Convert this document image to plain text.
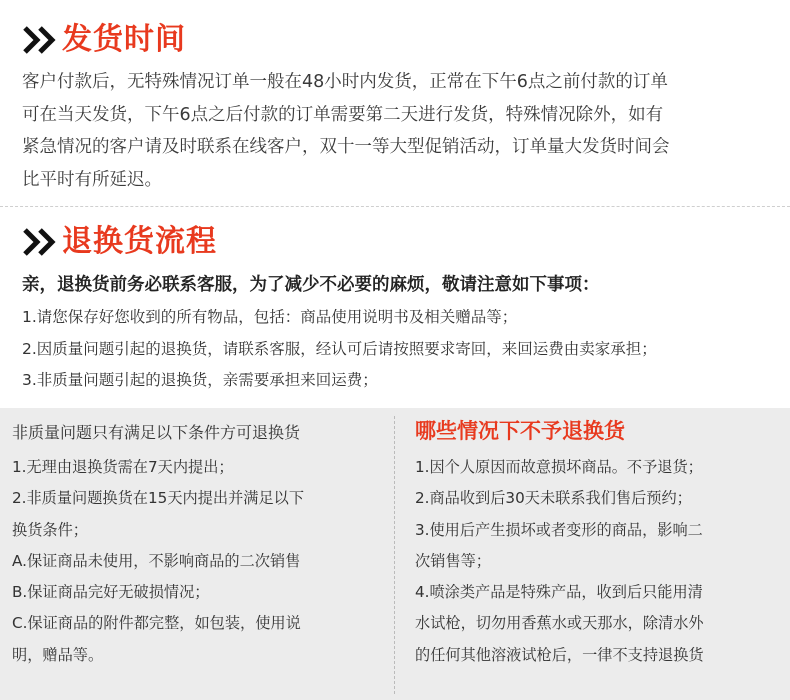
发货时间
客户付款后，无特殊情况订单一般在48小时内发货，正常在下午6点之前付款的订单
可在当天发货，下午6点之后付款的订单需要第二天进行发货，特殊情况除外，如有
紧急情况的客户请及时联系在线客户，双十一等大型促销活动，订单量大发货时间会
比平时有所延迟。
退换货流程
亲，退换货前务必联系客服，为了减少不必要的麻烦，敬请注意如下事项：
1.请您保存好您收到的所有物品，包括：商品使用说明书及相关赠品等；
2.因质量问题引起的退换货，请联系客服，经认可后请按照要求寄回，来回运费由卖家承担；
3.非质量问题引起的退换货，亲需要承担来回运费；
非质量问题只有满足以下条件方可退换货
1.无理由退换货需在7天内提出；
2.非质量问题换货在15天内提出并满足以下
换货条件；
A.保证商品未使用，不影响商品的二次销售
B.保证商品完好无破损情况；
C.保证商品的附件都完整，如包装，使用说
明，赠品等。
哪些情况下不予退换货
1.因个人原因而故意损坏商品。不予退货；
2.商品收到后30天未联系我们售后预约；
3.使用后产生损坏或者变形的商品，影响二
次销售等；
4.喷涂类产品是特殊产品，收到后只能用清
水试枪，切勿用香蕉水或天那水，除清水外
的任何其他溶液试枪后，一律不支持退换货
